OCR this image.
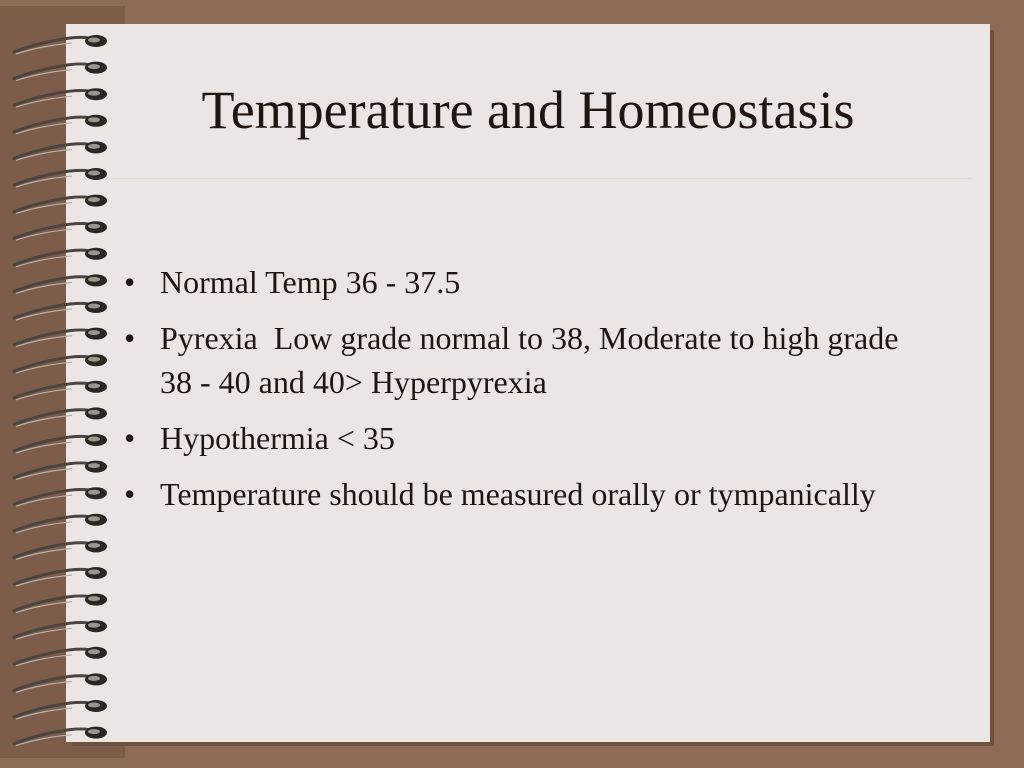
Temperature and Homeostasis
• Normal Temp 36 - 37.5
• Pyrexia  Low grade normal to 38, Moderate to high grade 38 - 40 and 40> Hyperpyrexia
• Hypothermia < 35
• Temperature should be measured orally or tympanically
